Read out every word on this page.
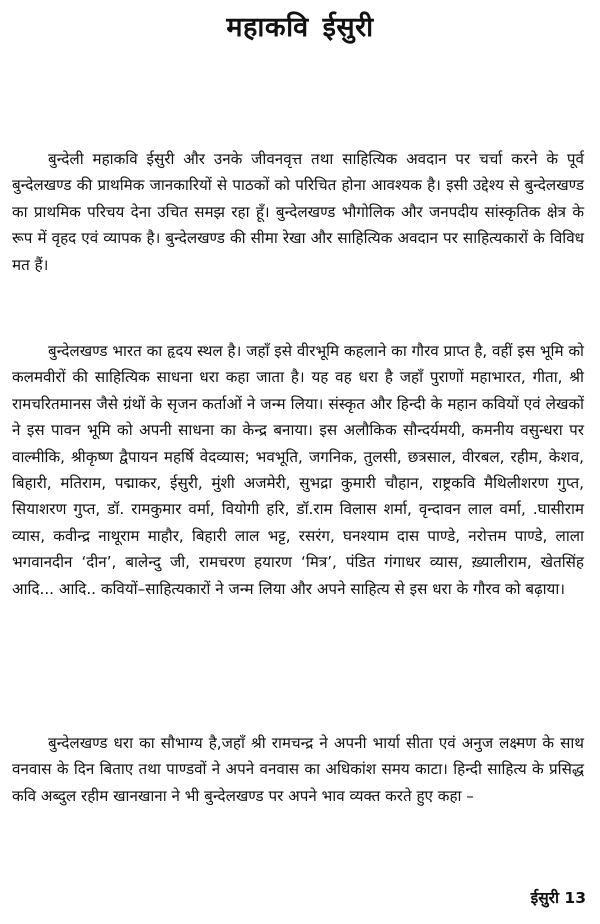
महाकवि ईसुरी

बुन्देली महाकवि ईसुरी और उनके जीवनवृत्त तथा साहित्यिक अवदान पर चर्चा करने के पूर्व बुन्देलखण्ड की प्राथमिक जानकारियों से पाठकों को परिचित होना आवश्यक है। इसी उद्देश्य से बुन्देलखण्ड का प्राथमिक परिचय देना उचित समझ रहा हूँ। बुन्देलखण्ड भौगोलिक और जनपदीय सांस्कृतिक क्षेत्र के रूप में वृहद एवं व्यापक है। बुन्देलखण्ड की सीमा रेखा और साहित्यिक अवदान पर साहित्यकारों के विविध मत हैं।

बुन्देलखण्ड भारत का हृदय स्थल है। जहाँ इसे वीरभूमि कहलाने का गौरव प्राप्त है, वहीं इस भूमि को कलमवीरों की साहित्यिक साधना धरा कहा जाता है। यह वह धरा है जहाँ पुराणों महाभारत, गीता, श्री रामचरितमानस जैसे ग्रंथों के सृजन कर्ताओं ने जन्म लिया। संस्कृत और हिन्दी के महान कवियों एवं लेखकों ने इस पावन भूमि को अपनी साधना का केन्द्र बनाया। इस अलौकिक सौन्दर्यमयी, कमनीय वसुन्धरा पर वाल्मीकि, श्रीकृष्ण द्वैपायन महर्षि वेदव्यास; भवभूति, जगनिक, तुलसी, छत्रसाल, वीरबल, रहीम, केशव, बिहारी, मतिराम, पद्माकर, ईसुरी, मुंशी अजमेरी, सुभद्रा कुमारी चौहान, राष्ट्रकवि मैथिलीशरण गुप्त, सियाशरण गुप्त, डॉ. रामकुमार वर्मा, वियोगी हरि, डॉ.राम विलास शर्मा, वृन्दावन लाल वर्मा, .घासीराम व्यास, कवीन्द्र नाथूराम माहौर, बिहारी लाल भट्ट, रसरंग, घनश्याम दास पाण्डे, नरोत्तम पाण्डे, लाला भगवानदीन ‘दीन’, बालेन्दु जी, रामचरण हयारण ‘मित्र’, पंडित गंगाधर व्यास, ख़्यालीराम, खेतसिंह आदि... आदि.. कवियों–साहित्यकारों ने जन्म लिया और अपने साहित्य से इस धरा के गौरव को बढ़ाया।

बुन्देलखण्ड धरा का सौभाग्य है,जहाँ श्री रामचन्द्र ने अपनी भार्या सीता एवं अनुज लक्ष्मण के साथ वनवास के दिन बिताए तथा पाण्डवों ने अपने वनवास का अधिकांश समय काटा। हिन्दी साहित्य के प्रसिद्ध कवि अब्दुल रहीम खानखाना ने भी बुन्देलखण्ड पर अपने भाव व्यक्त करते हुए कहा –

ईसुरी 13
